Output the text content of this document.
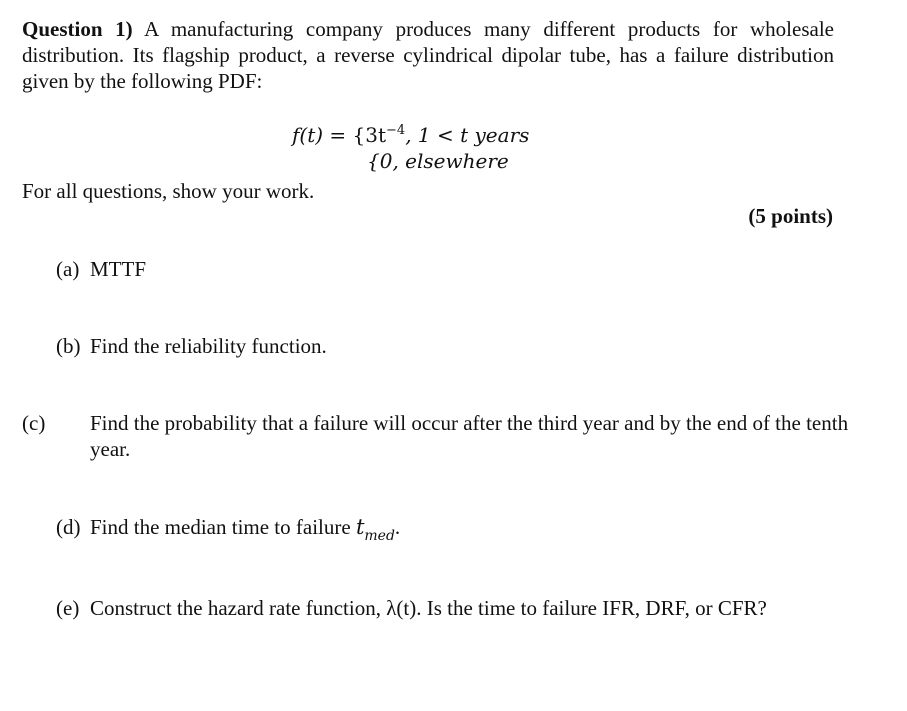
Question 1) A manufacturing company produces many different products for wholesale distribution. Its flagship product, a reverse cylindrical dipolar tube, has a failure distribution given by the following PDF:

$f(t) = \{3t^{-4}$, 1 < t years
{0, elsewhere

For all questions, show your work.

(5 points)

(a) MTTF

(b) Find the reliability function.

(c) Find the probability that a failure will occur after the third year and by the end of the tenth year.

(d) Find the median time to failure $t_{med}$.

(e) Construct the hazard rate function, λ(t). Is the time to failure IFR, DRF, or CFR?
